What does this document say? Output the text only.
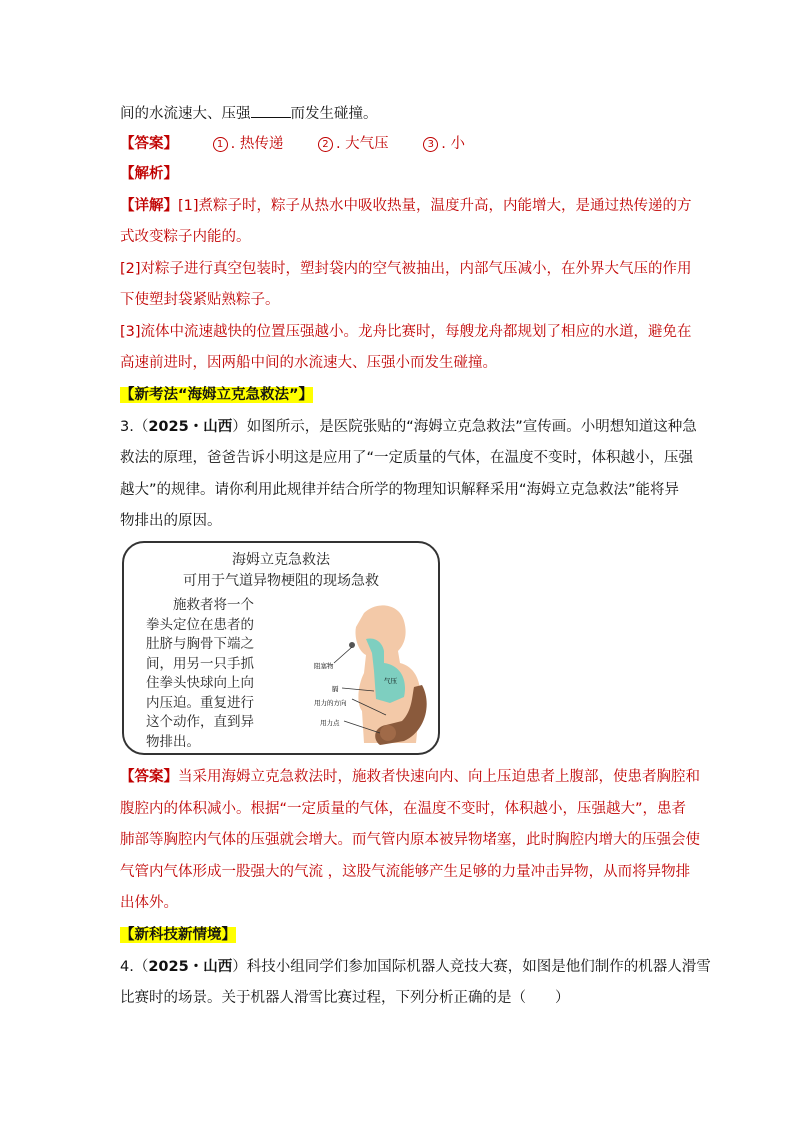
间的水流速大、压强	而发生碰撞。
【答案】	1 . 热传递	2 . 大气压	3 . 小
【解析】
【详解】[1]煮粽子时，粽子从热水中吸收热量，温度升高，内能增大，是通过热传递的方
式改变粽子内能的。
[2]对粽子进行真空包装时，塑封袋内的空气被抽出，内部气压减小，在外界大气压的作用
下使塑封袋紧贴熟粽子。
[3]流体中流速越快的位置压强越小。龙舟比赛时，每艘龙舟都规划了相应的水道，避免在
高速前进时，因两船中间的水流速大、压强小而发生碰撞。
【新考法“海姆立克急救法”】
3.（2025・山西）如图所示，是医院张贴的“海姆立克急救法”宣传画。小明想知道这种急
救法的原理，爸爸告诉小明这是应用了“一定质量的气体，在温度不变时，体积越小，压强
越大”的规律。请你利用此规律并结合所学的物理知识解释采用“海姆立克急救法”能将异
物排出的原因。
海姆立克急救法
可用于气道异物梗阻的现场急救
施救者将一个
拳头定位在患者的
肚脐与胸骨下端之
间，用另一只手抓
住拳头快球向上向
内压迫。重复进行
这个动作，直到异
物排出。
阻塞物
气压
膈
用力的方向
用力点
【答案】当采用海姆立克急救法时，施救者快速向内、向上压迫患者上腹部，使患者胸腔和
腹腔内的体积减小。根据“一定质量的气体，在温度不变时，体积越小，压强越大”，患者
肺部等胸腔内气体的压强就会增大。而气管内原本被异物堵塞，此时胸腔内增大的压强会使
气管内气体形成一股强大的气流 ，这股气流能够产生足够的力量冲击异物，从而将异物排
出体外。
【新科技新情境】
4.（2025・山西）科技小组同学们参加国际机器人竞技大赛，如图是他们制作的机器人滑雪
比赛时的场景。关于机器人滑雪比赛过程，下列分析正确的是（　　）
